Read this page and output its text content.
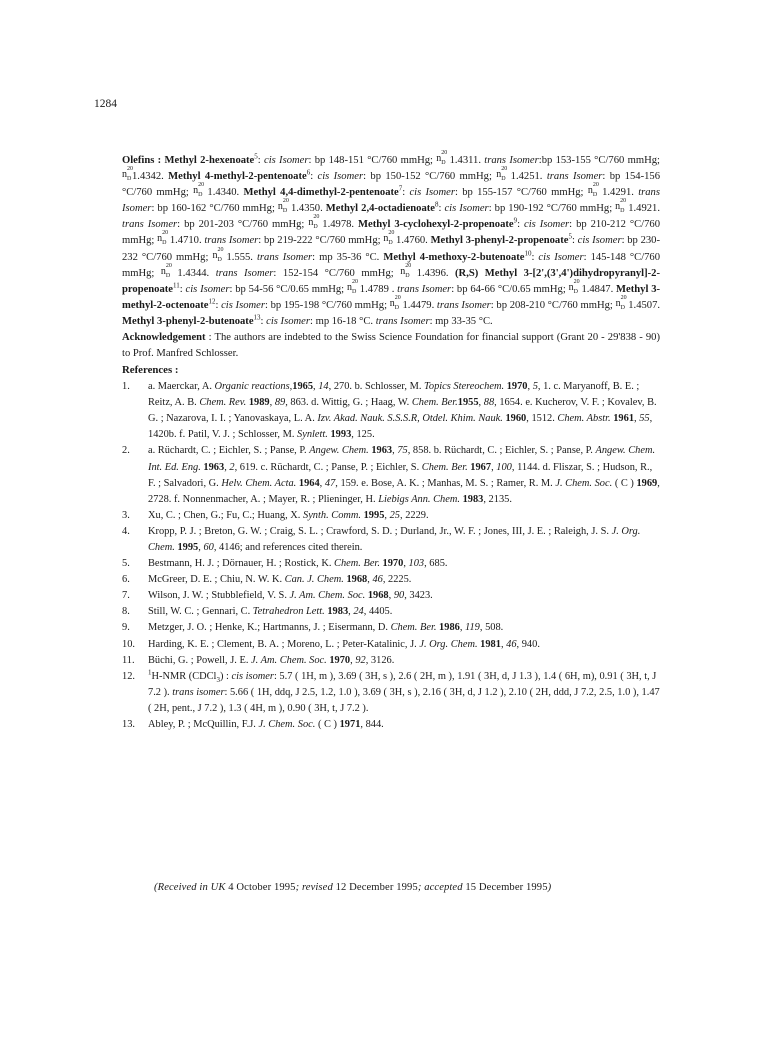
1284

Olefins : Methyl 2-hexenoate$^5$: cis Isomer: bp 148-151 °C/760 mmHg; n 20
D 1.4311. trans Isomer:bp 153-155 °C/760 mmHg;
n 20
D 1.4342. Methyl 4-methyl-2-pentenoate$^6$: cis Isomer: bp 150-152 °C/760 mmHg; n 20
D 1.4251. trans Isomer: bp 154-156 °C/760 mmHg; n 20
D 1.4340. Methyl 4,4-dimethyl-2-pentenoate$^7$: cis Isomer: bp 155-157 °C/760 mmHg; n 20
D 1.4291. trans Isomer: bp 160-162 °C/760 mmHg; n 20
D 1.4350. Methyl 2,4-octadienoate$^8$: cis Isomer: bp 190-192 °C/760 mmHg; n 20
D 1.4921. trans Isomer: bp 201-203 °C/760 mmHg; n 20
D 1.4978. Methyl 3-cyclohexyl-2-propenoate$^9$: cis Isomer: bp 210-212 °C/760 mmHg; n 20
D 1.4710. trans Isomer: bp 219-222 °C/760 mmHg; n 20
D 1.4760. Methyl 3-phenyl-2-propenoate$^5$: cis Isomer: bp 230-232 °C/760 mmHg; n 20
D 1.555. trans Isomer: mp 35-36 °C. Methyl 4-methoxy-2-butenoate$^{10}$: cis Isomer: 145-148 °C/760 mmHg; n 20
D 1.4344. trans Isomer: 152-154 °C/760 mmHg; n 20
D 1.4396. (R,S) Methyl 3-[2',(3',4')dihydropyranyl]-2-propenoate$^{11}$: cis Isomer: bp 54-56 °C/0.65 mmHg; n 20
D 1.4789 . trans Isomer: bp 64-66 °C/0.65 mmHg; n 20
D 1.4847. Methyl 3-methyl-2-octenoate$^{12}$: cis Isomer: bp 195-198 °C/760 mmHg; n 20
D 1.4479. trans Isomer: bp 208-210 °C/760 mmHg; n 20
D 1.4507. Methyl 3-phenyl-2-butenoate$^{13}$: cis Isomer: mp 16-18 °C. trans Isomer: mp 33-35 °C.

Acknowledgement : The authors are indebted to the Swiss Science Foundation for financial support (Grant 20 - 29'838 - 90) to Prof. Manfred Schlosser.

References :

1.	a. Maerckar, A. Organic reactions,1965, 14, 270. b. Schlosser, M. Topics Stereochem. 1970, 5, 1. c. Maryanoff, B. E. ; Reitz, A. B. Chem. Rev. 1989, 89, 863. d. Wittig, G. ; Haag, W. Chem. Ber.1955, 88, 1654. e. Kucherov, V. F. ; Kovalev, B. G. ; Nazarova, I. I. ; Yanovaskaya, L. A. Izv. Akad. Nauk. S.S.S.R, Otdel. Khim. Nauk. 1960, 1512. Chem. Abstr. 1961, 55, 1420b. f. Patil, V. J. ; Schlosser, M. Synlett. 1993, 125.
2.	a. Rüchardt, C. ; Eichler, S. ; Panse, P. Angew. Chem. 1963, 75, 858. b. Rüchardt, C. ; Eichler, S. ; Panse, P. Angew. Chem. Int. Ed. Eng. 1963, 2, 619. c. Rüchardt, C. ; Panse, P. ; Eichler, S. Chem. Ber. 1967, 100, 1144. d. Fliszar, S. ; Hudson, R., F. ; Salvadori, G. Helv. Chem. Acta. 1964, 47, 159. e. Bose, A. K. ; Manhas, M. S. ; Ramer, R. M. J. Chem. Soc. ( C ) 1969, 2728. f. Nonnenmacher, A. ; Mayer, R. ; Plieninger, H. Liebigs Ann. Chem. 1983, 2135.
3.	Xu, C. ; Chen, G.; Fu, C.; Huang, X. Synth. Comm. 1995, 25, 2229.
4.	Kropp, P. J. ; Breton, G. W. ; Craig, S. L. ; Crawford, S. D. ; Durland, Jr., W. F. ; Jones, III, J. E. ; Raleigh, J. S. J. Org. Chem. 1995, 60, 4146; and references cited therein.
5.	Bestmann, H. J. ; Dörnauer, H. ; Rostick, K. Chem. Ber. 1970, 103, 685.
6.	McGreer, D. E. ; Chiu, N. W. K. Can. J. Chem. 1968, 46, 2225.
7.	Wilson, J. W. ; Stubblefield, V. S. J. Am. Chem. Soc. 1968, 90, 3423.
8.	Still, W. C. ; Gennari, C. Tetrahedron Lett. 1983, 24, 4405.
9.	Metzger, J. O. ; Henke, K.; Hartmanns, J. ; Eisermann, D. Chem. Ber. 1986, 119, 508.
10.	Harding, K. E. ; Clement, B. A. ; Moreno, L. ; Peter-Katalinic, J. J. Org. Chem. 1981, 46, 940.
11.	Büchi, G. ; Powell, J. E. J. Am. Chem. Soc. 1970, 92, 3126.
12.	$^1$H-NMR (CDCl$_3$) : cis isomer: 5.7 ( 1H, m ), 3.69 ( 3H, s ), 2.6 ( 2H, m ), 1.91 ( 3H, d, J 1.3 ), 1.4 ( 6H, m), 0.91 ( 3H, t, J 7.2 ). trans isomer: 5.66 ( 1H, ddq, J 2.5, 1.2, 1.0 ), 3.69 ( 3H, s ), 2.16 ( 3H, d, J 1.2 ), 2.10 ( 2H, ddd, J 7.2, 2.5, 1.0 ), 1.47 ( 2H, pent., J 7.2 ), 1.3 ( 4H, m ), 0.90 ( 3H, t, J 7.2 ).
13.	Abley, P. ; McQuillin, F.J. J. Chem. Soc. ( C ) 1971, 844.
(Received in UK 4 October 1995; revised 12 December 1995; accepted 15 December 1995)
